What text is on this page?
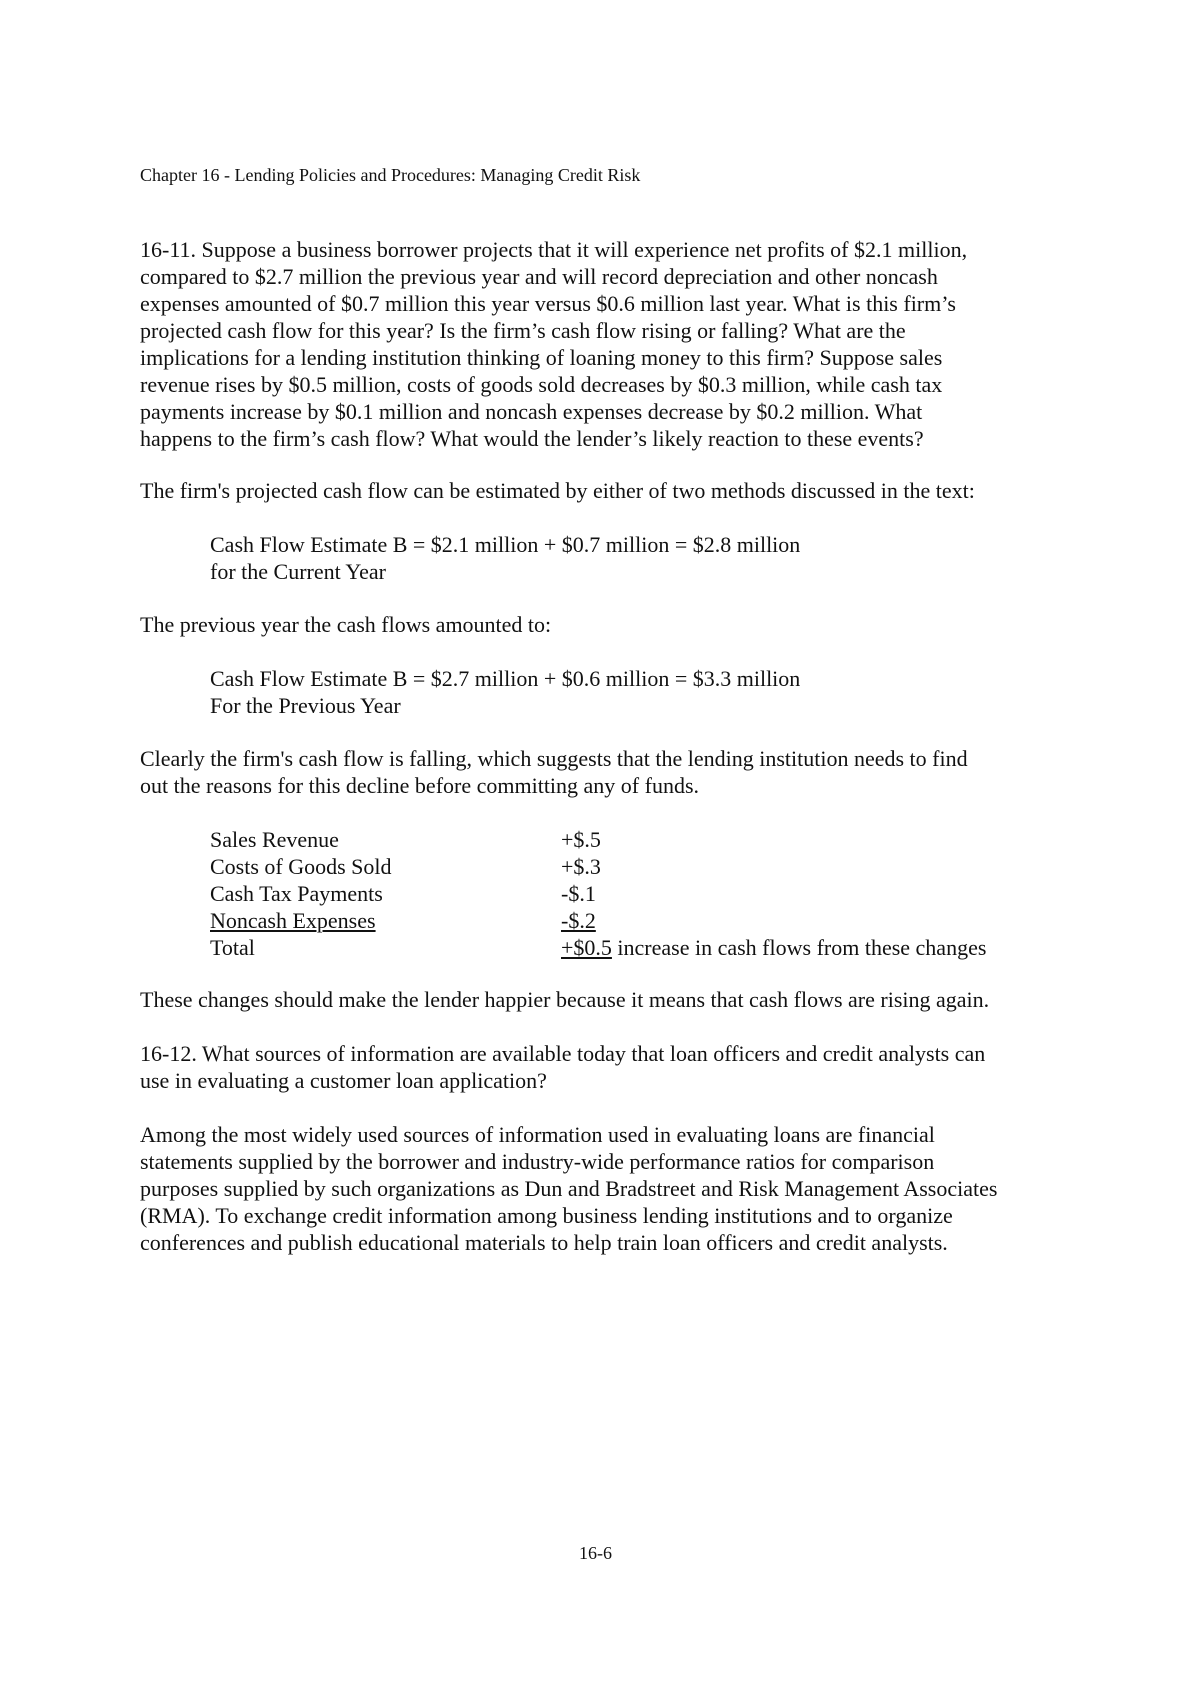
Chapter 16 - Lending Policies and Procedures: Managing Credit Risk

16-11. Suppose a business borrower projects that it will experience net profits of $2.1 million,
compared to $2.7 million the previous year and will record depreciation and other noncash
expenses amounted of $0.7 million this year versus $0.6 million last year. What is this firm’s
projected cash flow for this year? Is the firm’s cash flow rising or falling? What are the
implications for a lending institution thinking of loaning money to this firm? Suppose sales
revenue rises by $0.5 million, costs of goods sold decreases by $0.3 million, while cash tax
payments increase by $0.1 million and noncash expenses decrease by $0.2 million. What
happens to the firm’s cash flow? What would the lender’s likely reaction to these events?

The firm's projected cash flow can be estimated by either of two methods discussed in the text:

Cash Flow Estimate B = $2.1 million + $0.7 million = $2.8 million
for the Current Year

The previous year the cash flows amounted to:

Cash Flow Estimate B = $2.7 million + $0.6 million = $3.3 million
For the Previous Year

Clearly the firm's cash flow is falling, which suggests that the lending institution needs to find
out the reasons for this decline before committing any of funds.

Sales Revenue	+$.5
Costs of Goods Sold	+$.3
Cash Tax Payments	-$.1
Noncash Expenses	-$.2
Total	+$0.5 increase in cash flows from these changes

These changes should make the lender happier because it means that cash flows are rising again.

16-12. What sources of information are available today that loan officers and credit analysts can
use in evaluating a customer loan application?

Among the most widely used sources of information used in evaluating loans are financial
statements supplied by the borrower and industry-wide performance ratios for comparison
purposes supplied by such organizations as Dun and Bradstreet and Risk Management Associates
(RMA). To exchange credit information among business lending institutions and to organize
conferences and publish educational materials to help train loan officers and credit analysts.

16-6
